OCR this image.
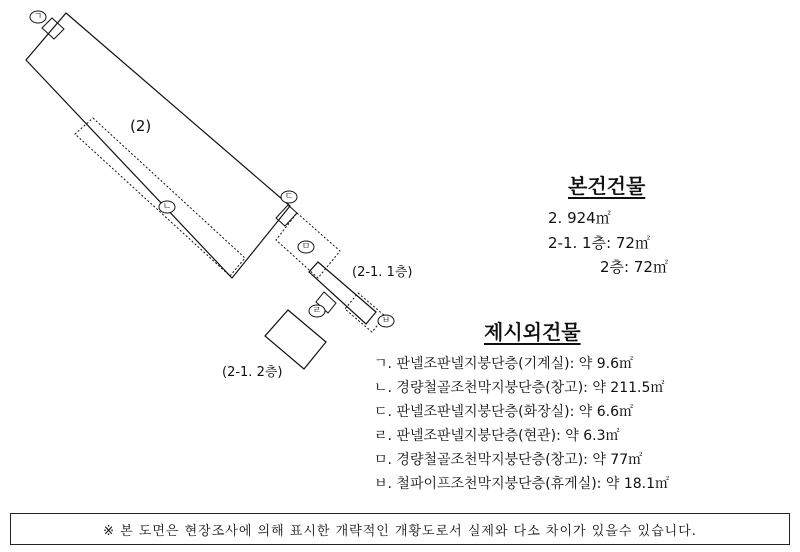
ㄱ
ㄴ
ㄷ
ㅁ
ㄹ
ㅂ
(2)
(2-1. 1층)
(2-1. 2층)
본건건물
2. 924㎡
2-1. 1층: 72㎡
2층: 72㎡
제시외건물
ㄱ. 판넬조판넬지붕단층(기계실): 약 9.6㎡
ㄴ. 경량철골조천막지붕단층(창고): 약 211.5㎡
ㄷ. 판넬조판넬지붕단층(화장실): 약 6.6㎡
ㄹ. 판넬조판넬지붕단층(현관): 약 6.3㎡
ㅁ. 경량철골조천막지붕단층(창고): 약 77㎡
ㅂ. 철파이프조천막지붕단층(휴게실): 약 18.1㎡
※ 본 도면은 현장조사에 의해 표시한 개략적인 개황도로서 실제와 다소 차이가 있을수 있습니다.
